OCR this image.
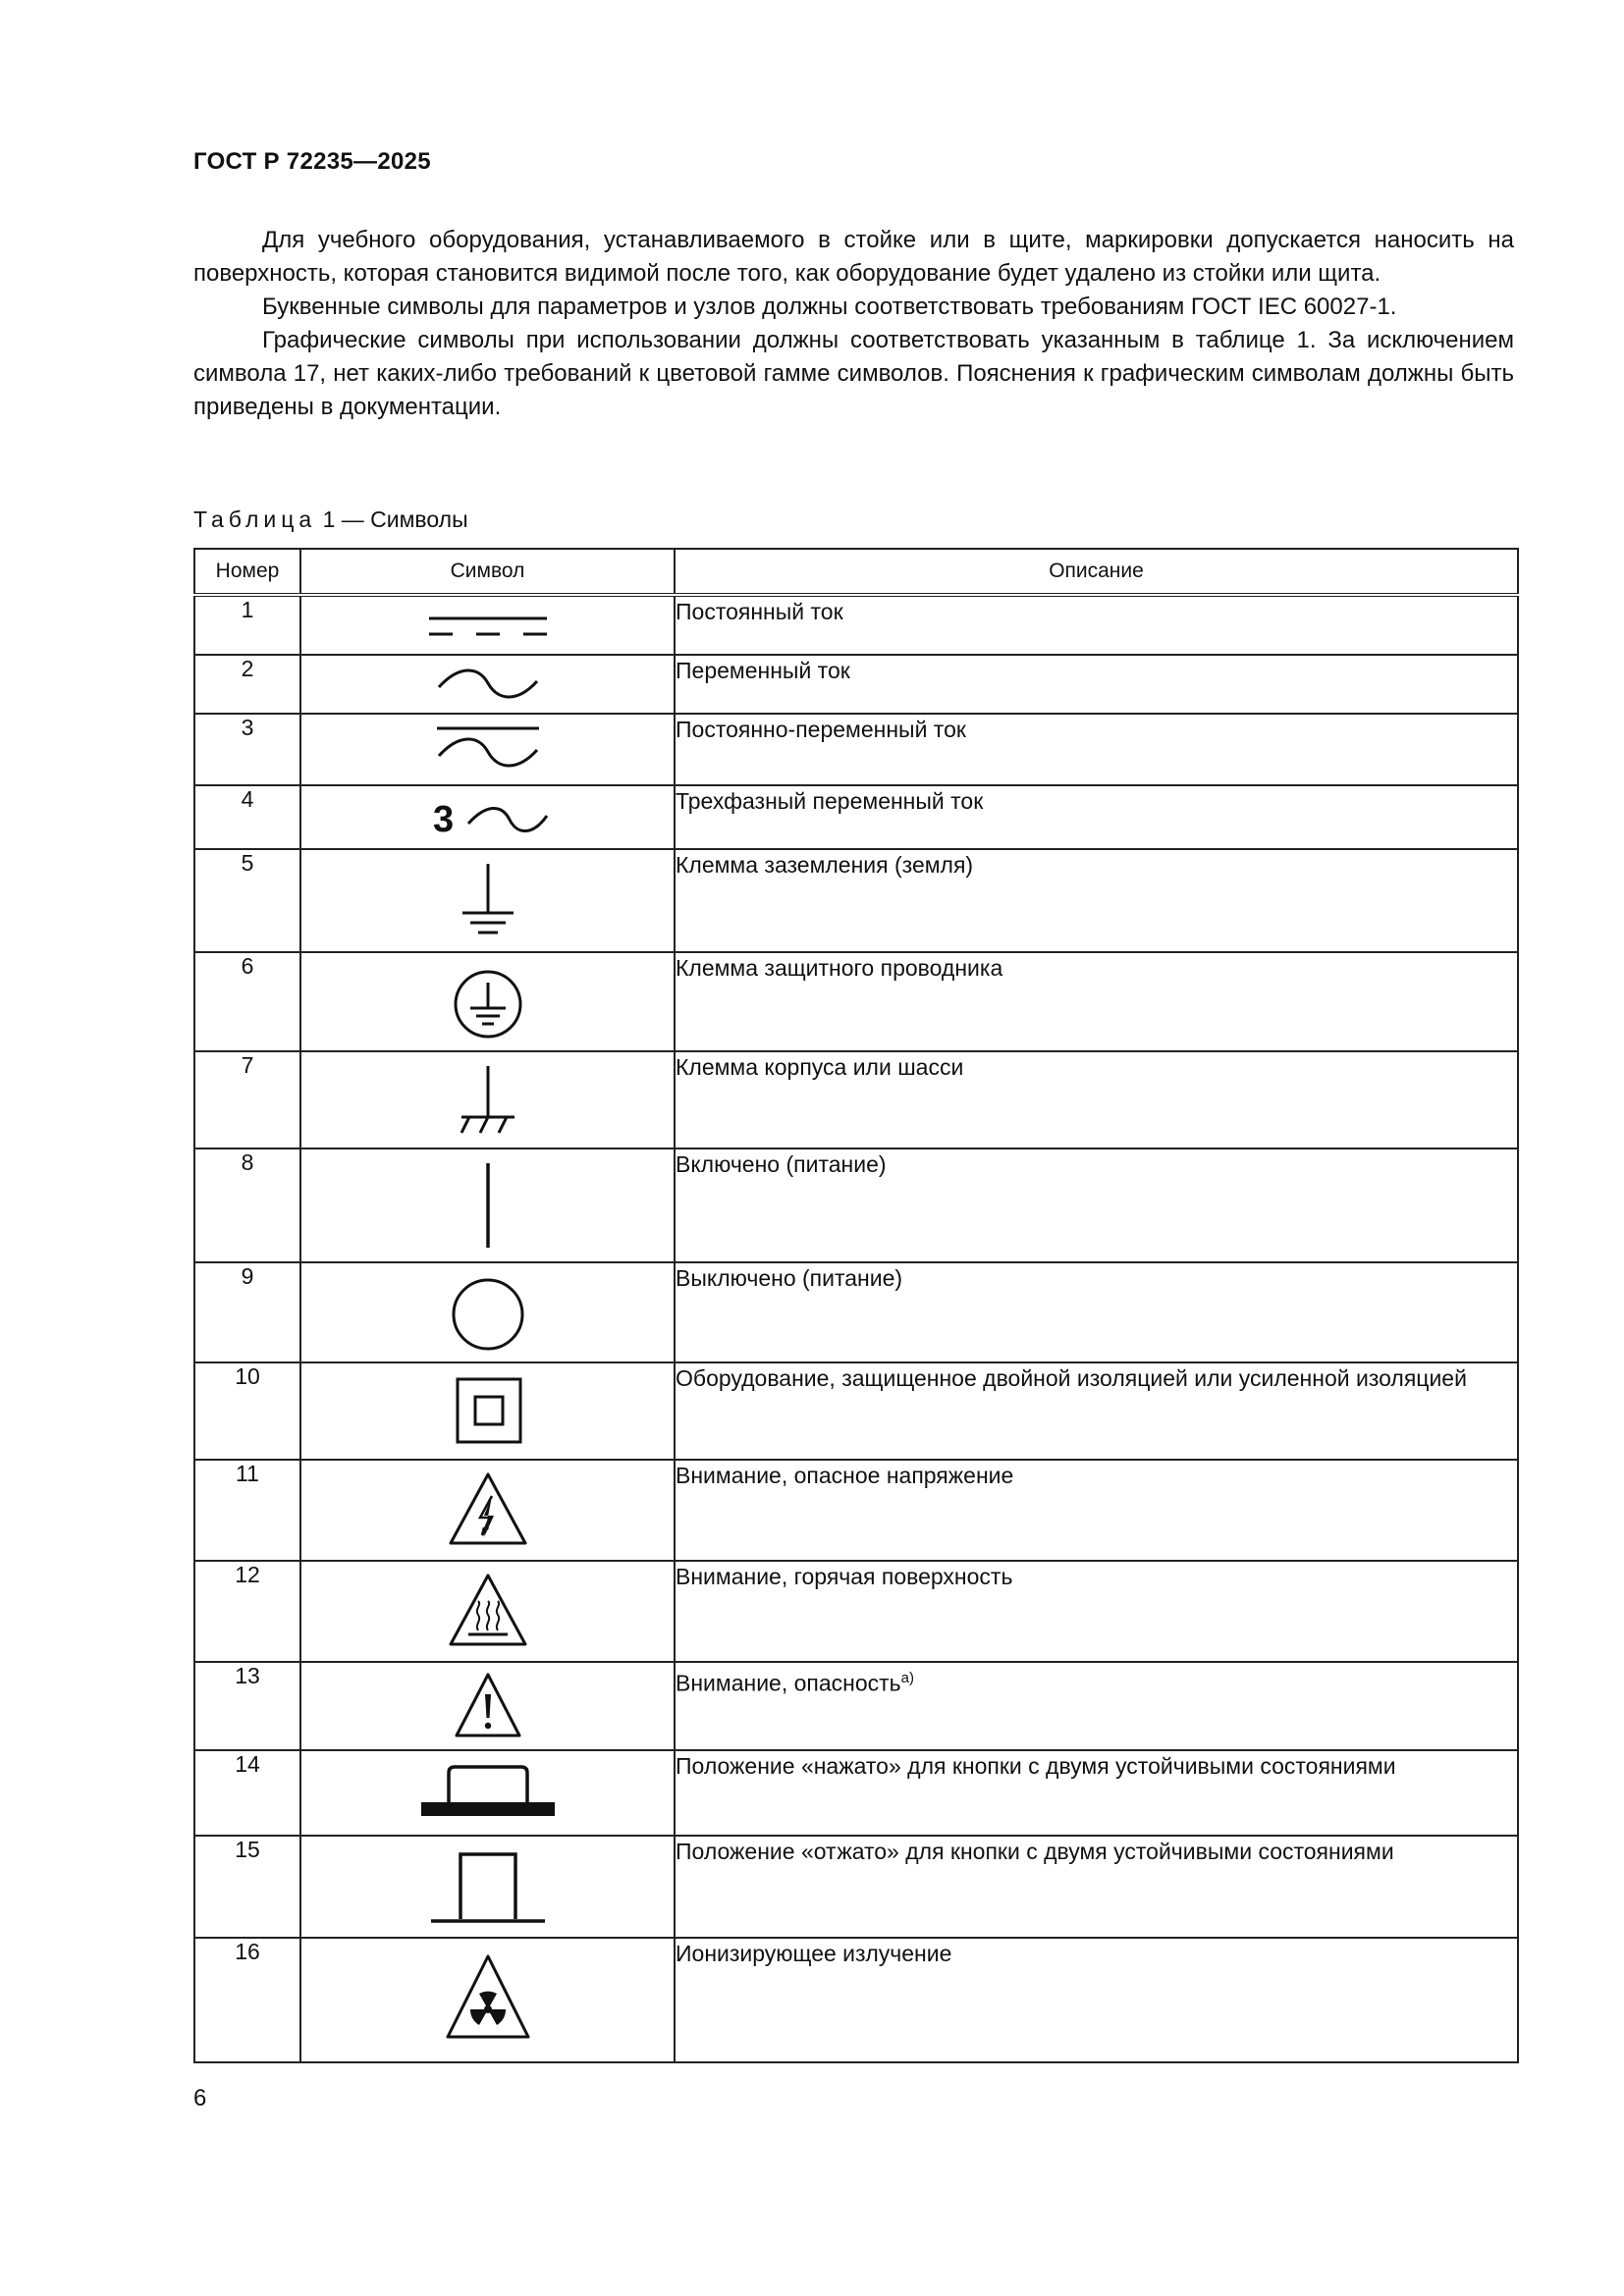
ГОСТ Р 72235—2025

Для учебного оборудования, устанавливаемого в стойке или в щите, маркировки допускается наносить на поверхность, которая становится видимой после того, как оборудование будет удалено из стойки или щита.

Буквенные символы для параметров и узлов должны соответствовать требованиям ГОСТ IEC 60027-1.

Графические символы при использовании должны соответствовать указанным в таблице 1. За исключением символа 17, нет каких-либо требований к цветовой гамме символов. Пояснения к графическим символам должны быть приведены в документации.

Таблица 1 — Символы
Номер	Символ	Описание
1		Постоянный ток
2		Переменный ток
3		Постоянно-переменный ток
4	3	Трехфазный переменный ток
5		Клемма заземления (земля)
6		Клемма защитного проводника
7		Клемма корпуса или шасси
8		Включено (питание)
9		Выключено (питание)
10		Оборудование, защищенное двойной изоляцией или усиленной изоляцией
11		Внимание, опасное напряжение
12		Внимание, горячая поверхность
13		Внимание, опасность$^{а)}$
14		Положение «нажато» для кнопки с двумя устойчивыми состояниями
15		Положение «отжато» для кнопки с двумя устойчивыми состояниями
16		Ионизирующее излучение
6
